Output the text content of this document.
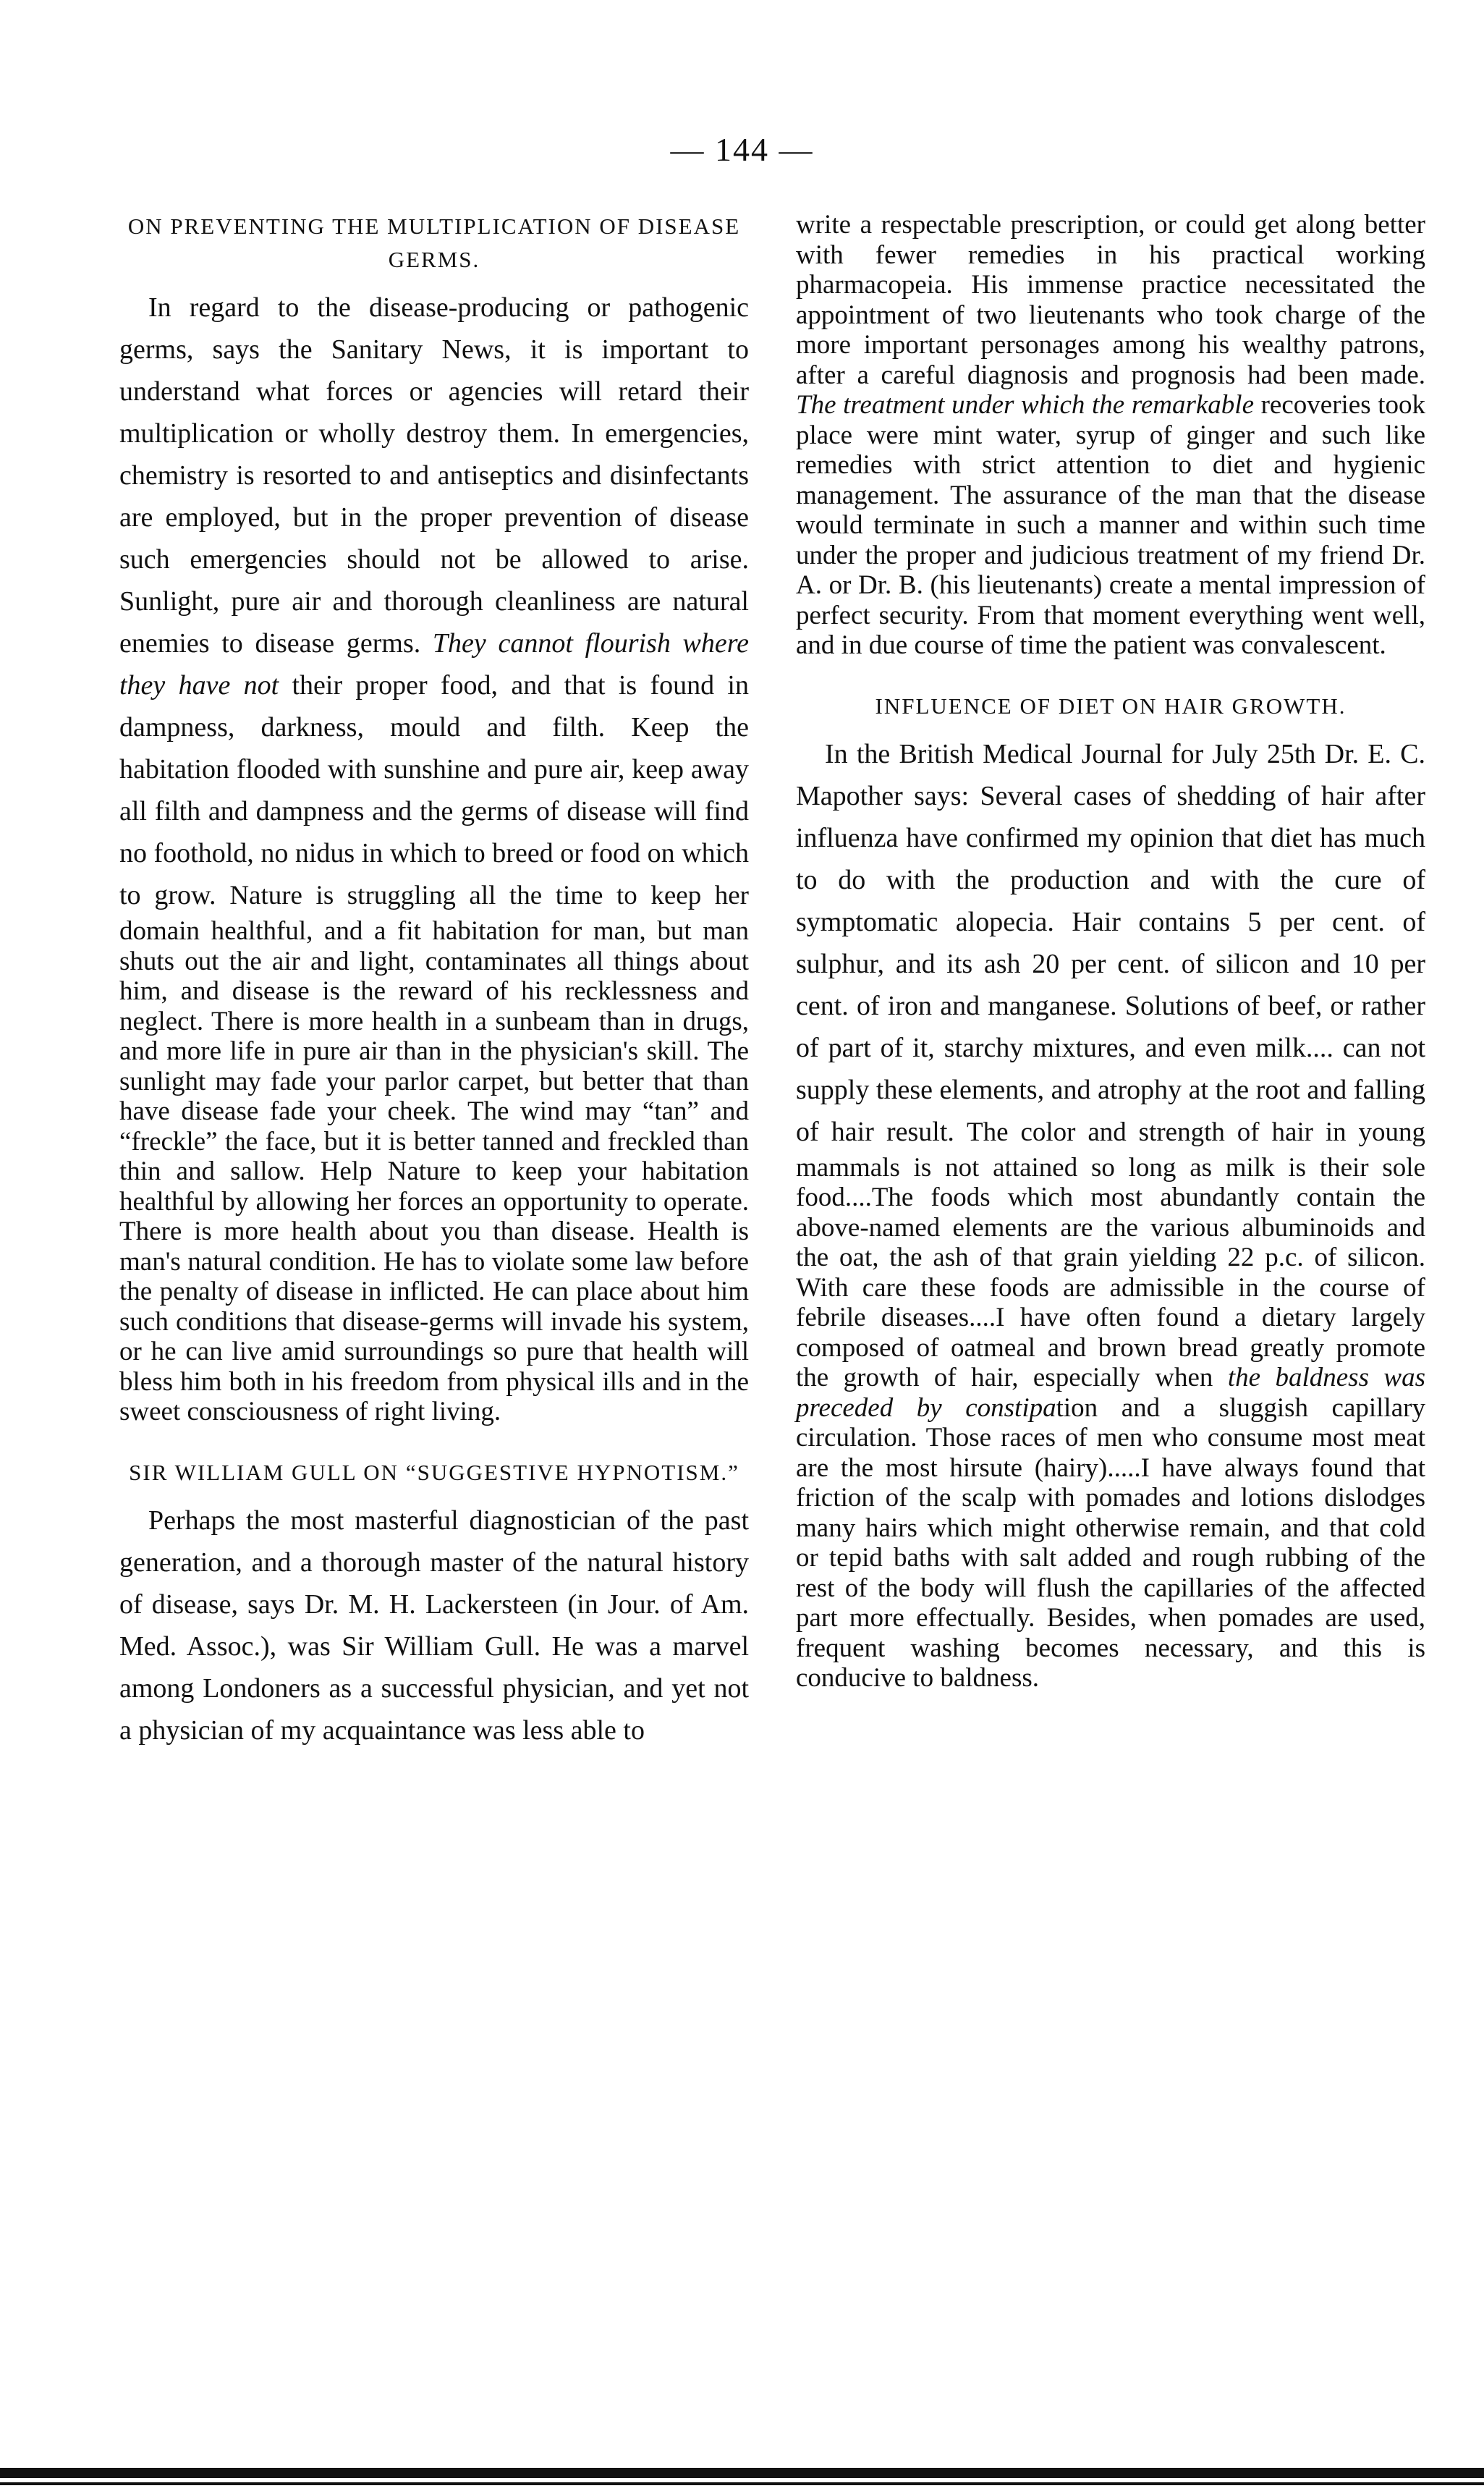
— 144 —
ON PREVENTING THE MULTIPLICATION OF DISEASE GERMS.
In regard to the disease-producing or pathogenic germs, says the Sanitary News, it is important to understand what forces or agencies will retard their multiplication or wholly destroy them. In emergencies, chemistry is resorted to and antiseptics and disinfectants are employed, but in the proper prevention of disease such emergencies should not be allowed to arise. Sunlight, pure air and thorough cleanliness are natural enemies to disease germs. They cannot flourish where they have not their proper food, and that is found in dampness, darkness, mould and filth. Keep the habitation flooded with sunshine and pure air, keep away all filth and dampness and the germs of disease will find no foothold, no nidus in which to breed or food on which to grow. Nature is struggling all the time to keep her domain healthful, and a fit habitation for man, but man shuts out the air and light, contaminates all things about him, and disease is the reward of his recklessness and neglect. There is more health in a sunbeam than in drugs, and more life in pure air than in the physician's skill. The sunlight may fade your parlor carpet, but better that than have disease fade your cheek. The wind may “tan” and “freckle” the face, but it is better tanned and freckled than thin and sallow. Help Nature to keep your habitation healthful by allowing her forces an opportunity to operate. There is more health about you than disease. Health is man's natural condition. He has to violate some law before the penalty of disease in inflicted. He can place about him such conditions that disease-germs will invade his system, or he can live amid surroundings so pure that health will bless him both in his freedom from physical ills and in the sweet consciousness of right living.
SIR WILLIAM GULL ON “SUGGESTIVE HYPNOTISM.”
Perhaps the most masterful diagnostician of the past generation, and a thorough master of the natural history of disease, says Dr. M. H. Lackersteen (in Jour. of Am. Med. Assoc.), was Sir William Gull. He was a marvel among Londoners as a successful physician, and yet not a physician of my acquaintance was less able to
write a respectable prescription, or could get along better with fewer remedies in his practical working pharmacopeia. His immense practice necessitated the appointment of two lieutenants who took charge of the more important personages among his wealthy patrons, after a careful diagnosis and prognosis had been made. The treatment under which the remarkable recoveries took place were mint water, syrup of ginger and such like remedies with strict attention to diet and hygienic management. The assurance of the man that the disease would terminate in such a manner and within such time under the proper and judicious treatment of my friend Dr. A. or Dr. B. (his lieutenants) create a mental impression of perfect security. From that moment everything went well, and in due course of time the patient was convalescent.
INFLUENCE OF DIET ON HAIR GROWTH.
In the British Medical Journal for July 25th Dr. E. C. Mapother says: Several cases of shedding of hair after influenza have confirmed my opinion that diet has much to do with the production and with the cure of symptomatic alopecia. Hair contains 5 per cent. of sulphur, and its ash 20 per cent. of silicon and 10 per cent. of iron and manganese. Solutions of beef, or rather of part of it, starchy mixtures, and even milk.... can not supply these elements, and atrophy at the root and falling of hair result. The color and strength of hair in young mammals is not attained so long as milk is their sole food....The foods which most abundantly contain the above-named elements are the various albuminoids and the oat, the ash of that grain yielding 22 p.c. of silicon. With care these foods are admissible in the course of febrile diseases....I have often found a dietary largely composed of oatmeal and brown bread greatly promote the growth of hair, especially when the baldness was preceded by constipation and a sluggish capillary circulation. Those races of men who consume most meat are the most hirsute (hairy).....I have always found that friction of the scalp with pomades and lotions dislodges many hairs which might otherwise remain, and that cold or tepid baths with salt added and rough rubbing of the rest of the body will flush the capillaries of the affected part more effectually. Besides, when pomades are used, frequent washing becomes necessary, and this is conducive to baldness.
